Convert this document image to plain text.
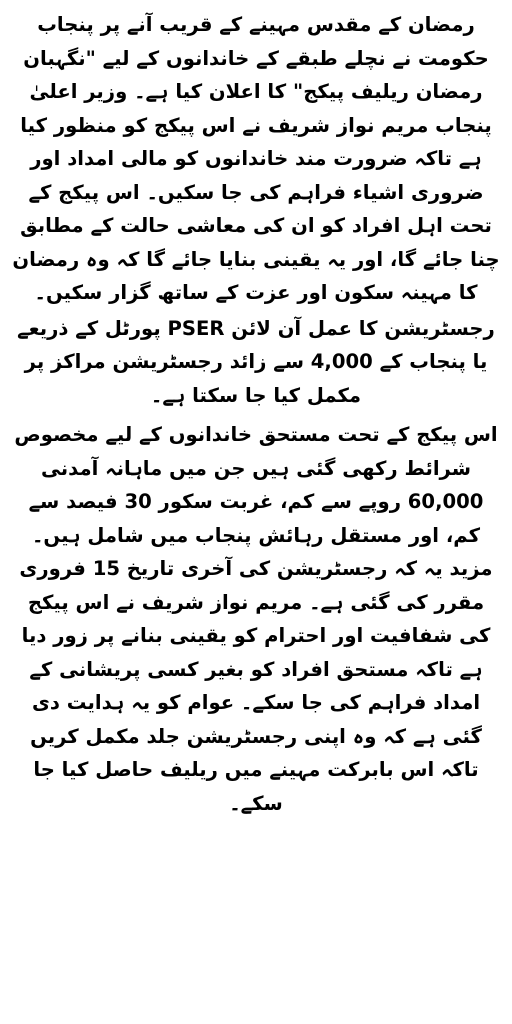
رمضان کے مقدس مہینے کے قریب آنے پر پنجاب حکومت نے نچلے طبقے کے خاندانوں کے لیے "نگہبان رمضان ریلیف پیکج" کا اعلان کیا ہے۔ وزیر اعلیٰ پنجاب مریم نواز شریف نے اس پیکج کو منظور کیا ہے تاکہ ضرورت مند خاندانوں کو مالی امداد اور ضروری اشیاء فراہم کی جا سکیں۔ اس پیکج کے تحت اہل افراد کو ان کی معاشی حالت کے مطابق چنا جائے گا، اور یہ یقینی بنایا جائے گا کہ وہ رمضان کا مہینہ سکون اور عزت کے ساتھ گزار سکیں۔

رجسٹریشن کا عمل آن لائن PSER پورٹل کے ذریعے یا پنجاب کے 4,000 سے زائد رجسٹریشن مراکز پر مکمل کیا جا سکتا ہے۔

اس پیکج کے تحت مستحق خاندانوں کے لیے مخصوص شرائط رکھی گئی ہیں جن میں ماہانہ آمدنی 60,000 روپے سے کم، غربت سکور 30 فیصد سے کم، اور مستقل رہائش پنجاب میں شامل ہیں۔

مزید یہ کہ رجسٹریشن کی آخری تاریخ 15 فروری مقرر کی گئی ہے۔ مریم نواز شریف نے اس پیکج کی شفافیت اور احترام کو یقینی بنانے پر زور دیا ہے تاکہ مستحق افراد کو بغیر کسی پریشانی کے امداد فراہم کی جا سکے۔ عوام کو یہ ہدایت دی گئی ہے کہ وہ اپنی رجسٹریشن جلد مکمل کریں تاکہ اس بابرکت مہینے میں ریلیف حاصل کیا جا سکے۔
